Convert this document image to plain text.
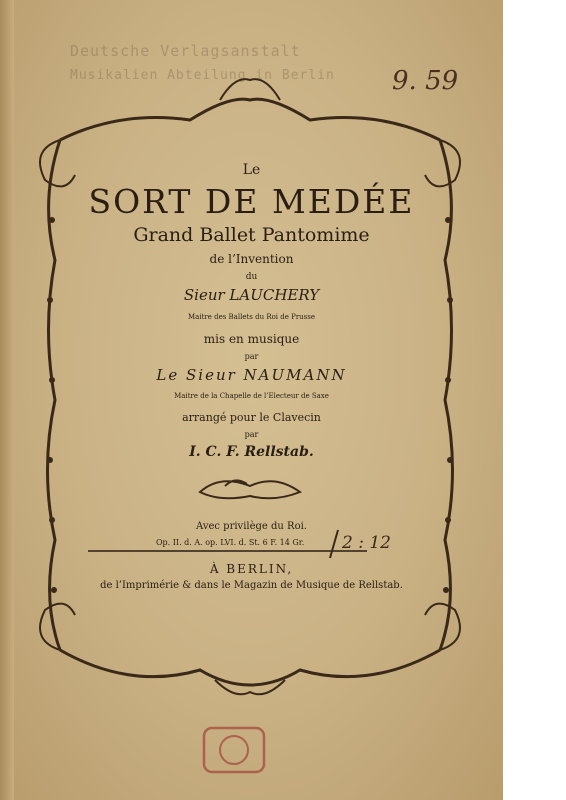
Deutsche Verlagsanstalt
Musikalien Abteilung in Berlin 9. 59
Le
SORT DE MEDÉE
Grand Ballet Pantomime
de l’Invention
du
Sieur LAUCHERY
Maitre des Ballets du Roi de Prusse
mis en musique
par
Le Sieur NAUMANN
Maitre de la Chapelle de l’Electeur de Saxe
arrangé pour le Clavecin
par
I. C. F. Rellstab.
Avec privilège du Roi.
Op. II. d. A. op. LVI. d. St. 6 F. 14 Gr. 2 : 12
À BERLIN,
de l’Imprimérie & dans le Magazin de Musique de Rellstab.
